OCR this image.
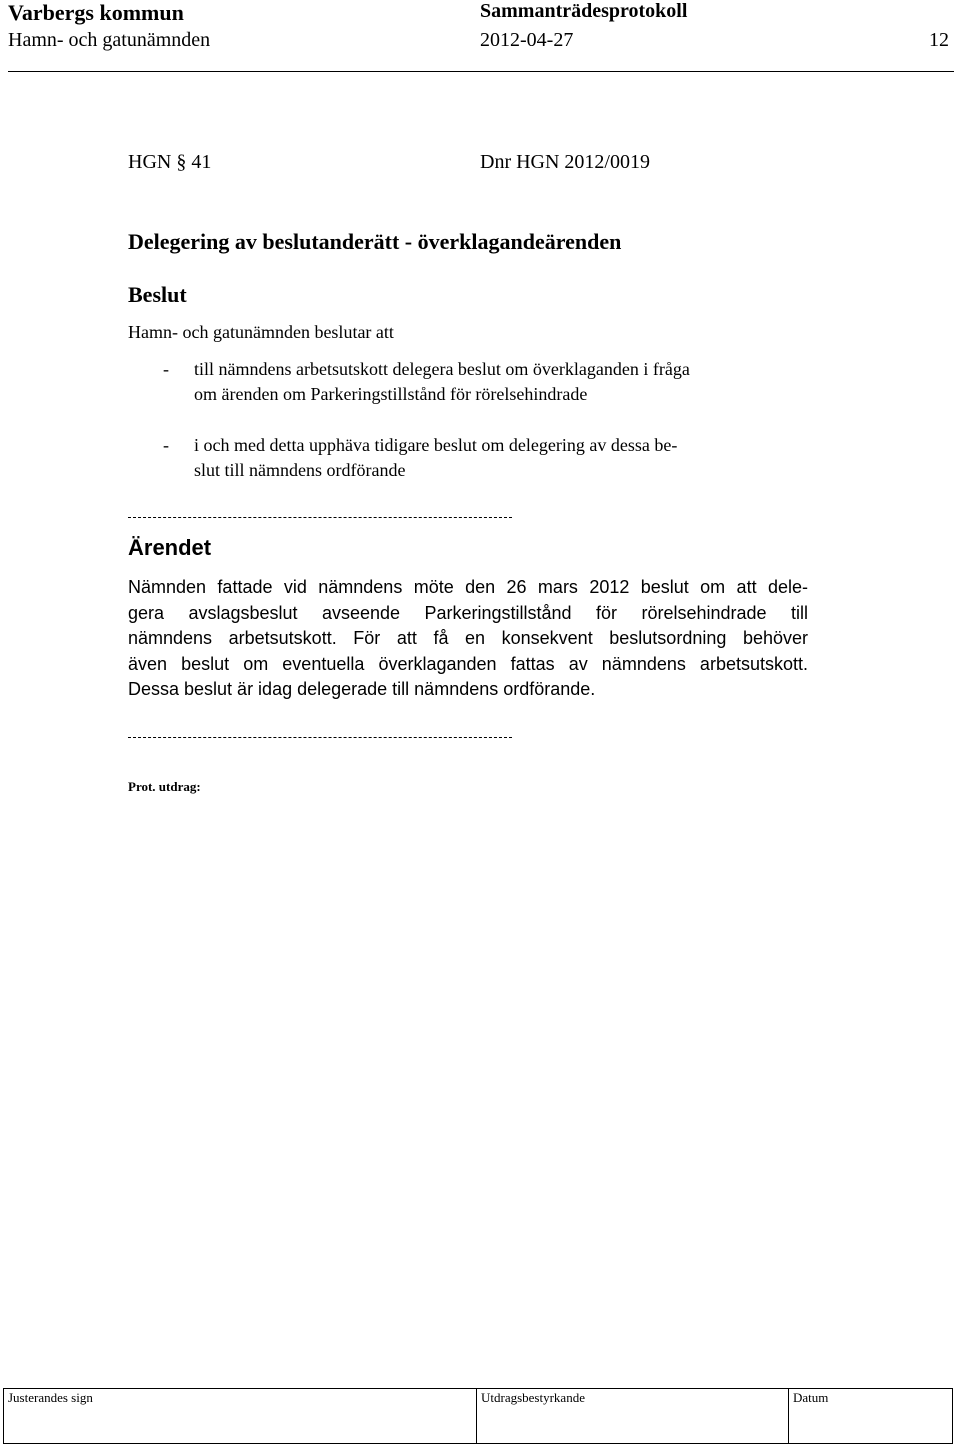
Varbergs kommun	Sammanträdesprotokoll
Hamn- och gatunämnden	2012-04-27	12
HGN § 41	Dnr HGN 2012/0019
Delegering av beslutanderätt - överklagandeärenden
Beslut
Hamn- och gatunämnden beslutar att
- till nämndens arbetsutskott delegera beslut om överklaganden i fråga
om ärenden om Parkeringstillstånd för rörelsehindrade
- i och med detta upphäva tidigare beslut om delegering av dessa be-
slut till nämndens ordförande
Ärendet
Nämnden fattade vid nämndens möte den 26 mars 2012 beslut om att dele-
gera avslagsbeslut avseende Parkeringstillstånd för rörelsehindrade till
nämndens arbetsutskott. För att få en konsekvent beslutsordning behöver
även beslut om eventuella överklaganden fattas av nämndens arbetsutskott.
Dessa beslut är idag delegerade till nämndens ordförande.
Prot. utdrag:
Justerandes sign	Utdragsbestyrkande	Datum
